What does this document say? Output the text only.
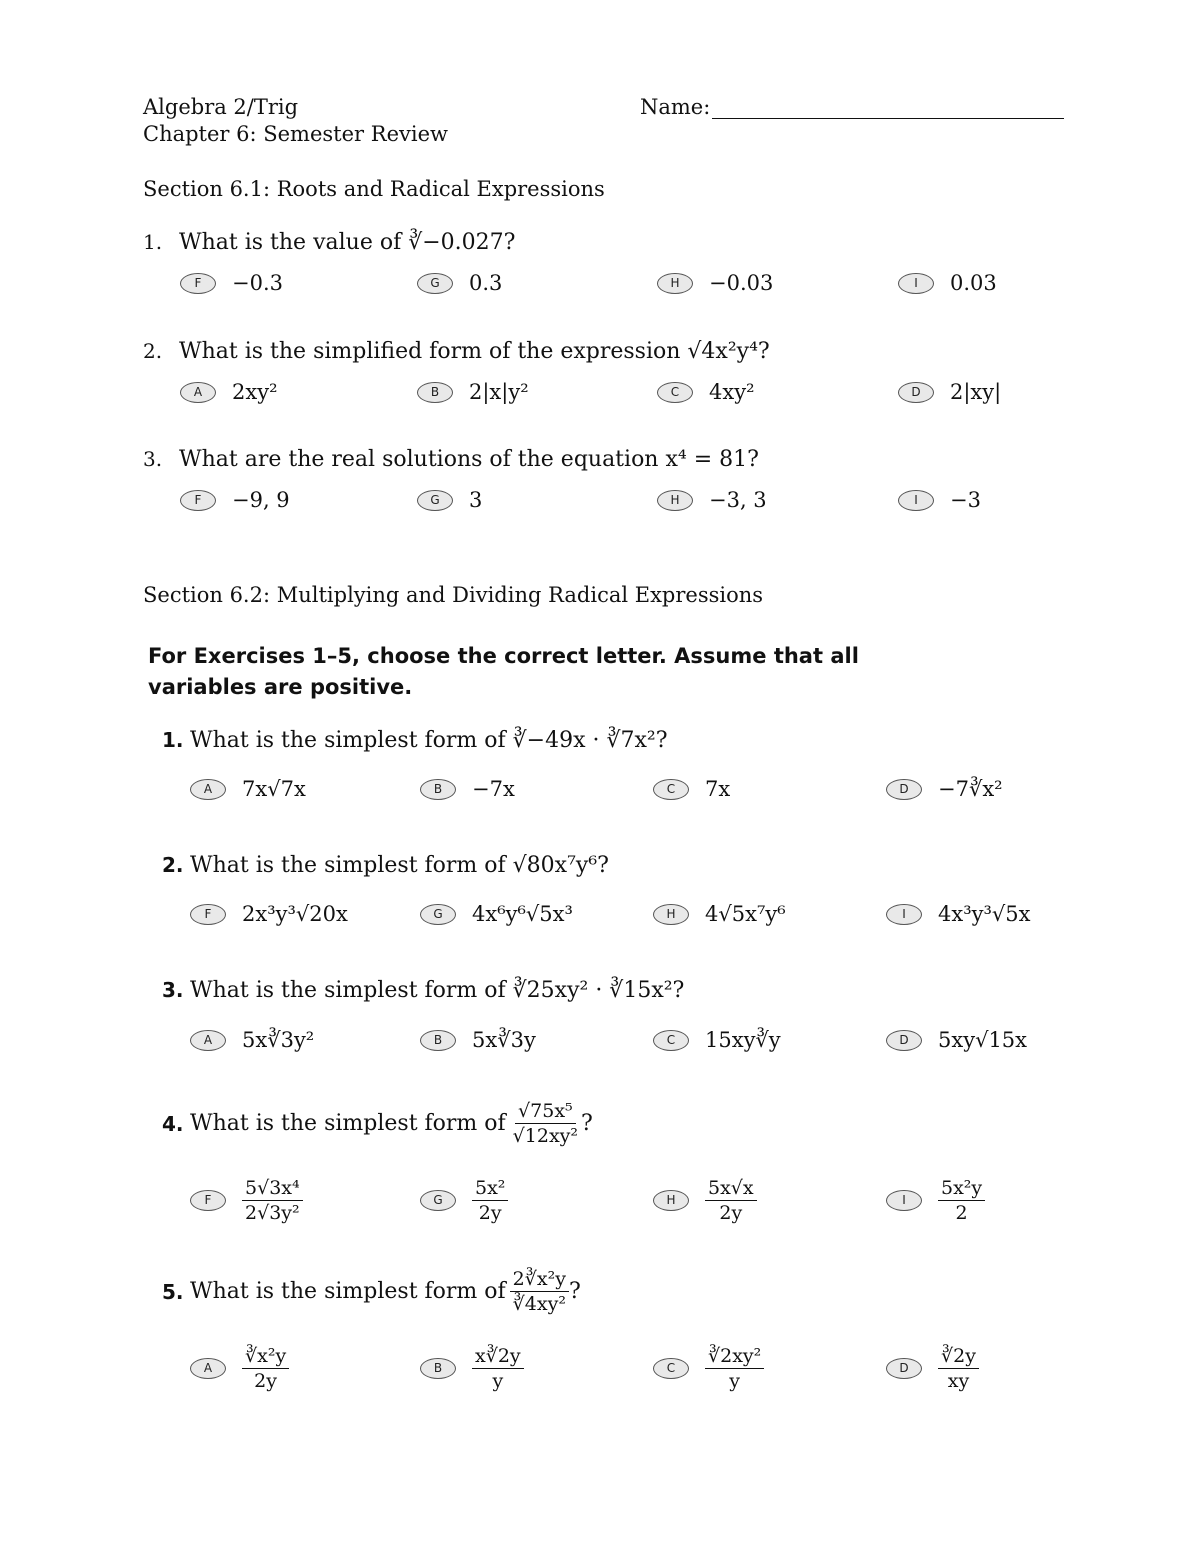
Algebra 2/Trig
Chapter 6: Semester Review
Name:
Section 6.1: Roots and Radical Expressions
1. What is the value of ∛−0.027?
F	−0.3	G	0.3	H	−0.03	I	0.03
2. What is the simplified form of the expression √4x²y⁴?
A	2xy²	B	2|x|y²	C	4xy²	D	2|xy|
3. What are the real solutions of the equation x⁴ = 81?
F	−9, 9	G	3	H	−3, 3	I	−3
Section 6.2: Multiplying and Dividing Radical Expressions
For Exercises 1–5, choose the correct letter. Assume that all variables are positive.
1. What is the simplest form of ∛−49x · ∛7x²?
A	7x√7x	B	−7x	C	7x	D	−7∛x²
2. What is the simplest form of √80x⁷y⁶?
F	2x³y³√20x	G	4x⁶y⁶√5x³	H	4√5x⁷y⁶	I	4x³y³√5x
3. What is the simplest form of ∛25xy² · ∛15x²?
A	5x∛3y²	B	5x∛3y	C	15xy∛y	D	5xy√15x
4. What is the simplest form of $\frac{\text{√75x⁵}}{\text{√12xy²}}$ ?
F	$\frac{\text{5√3x⁴}}{\text{2√3y²}}$	G	$\frac{\text{5x²}}{2y}$	H	$\frac{5x√x}{2y}$	I	$\frac{\text{5x²y}}{2}$
5. What is the simplest form of $\frac{\text{2∛x²y}}{\text{∛4xy²}}$ ?
A	$\frac{\text{∛x²y}}{2y}$	B	$\frac{x∛2y}{y}$	C	$\frac{\text{∛2xy²}}{y}$	D	$\frac{∛2y}{xy}$
